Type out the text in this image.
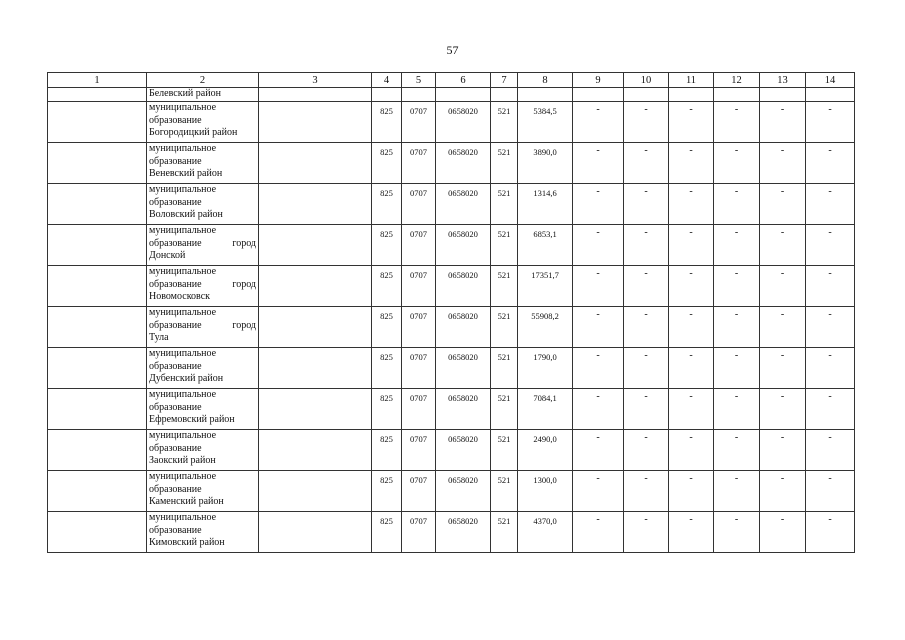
57
1	2	3	4	5	6	7	8	9	10	11	12	13	14
	Белевский район												

	муниципальное
образование
Богородицкий район		825	0707	0658020	521	5384,5	-	-	-	-	-	-

	муниципальное
образование
Веневский район		825	0707	0658020	521	3890,0	-	-	-	-	-	-

	муниципальное
образование
Воловский район		825	0707	0658020	521	1314,6	-	-	-	-	-	-

	муниципальное
образование город
Донской		825	0707	0658020	521	6853,1	-	-	-	-	-	-

	муниципальное
образование город
Новомосковск		825	0707	0658020	521	17351,7	-	-	-	-	-	-

	муниципальное
образование город
Тула		825	0707	0658020	521	55908,2	-	-	-	-	-	-

	муниципальное
образование
Дубенский район		825	0707	0658020	521	1790,0	-	-	-	-	-	-

	муниципальное
образование
Ефремовский район		825	0707	0658020	521	7084,1	-	-	-	-	-	-

	муниципальное
образование
Заокский район		825	0707	0658020	521	2490,0	-	-	-	-	-	-

	муниципальное
образование
Каменский район		825	0707	0658020	521	1300,0	-	-	-	-	-	-

	муниципальное
образование
Кимовский район		825	0707	0658020	521	4370,0	-	-	-	-	-	-
